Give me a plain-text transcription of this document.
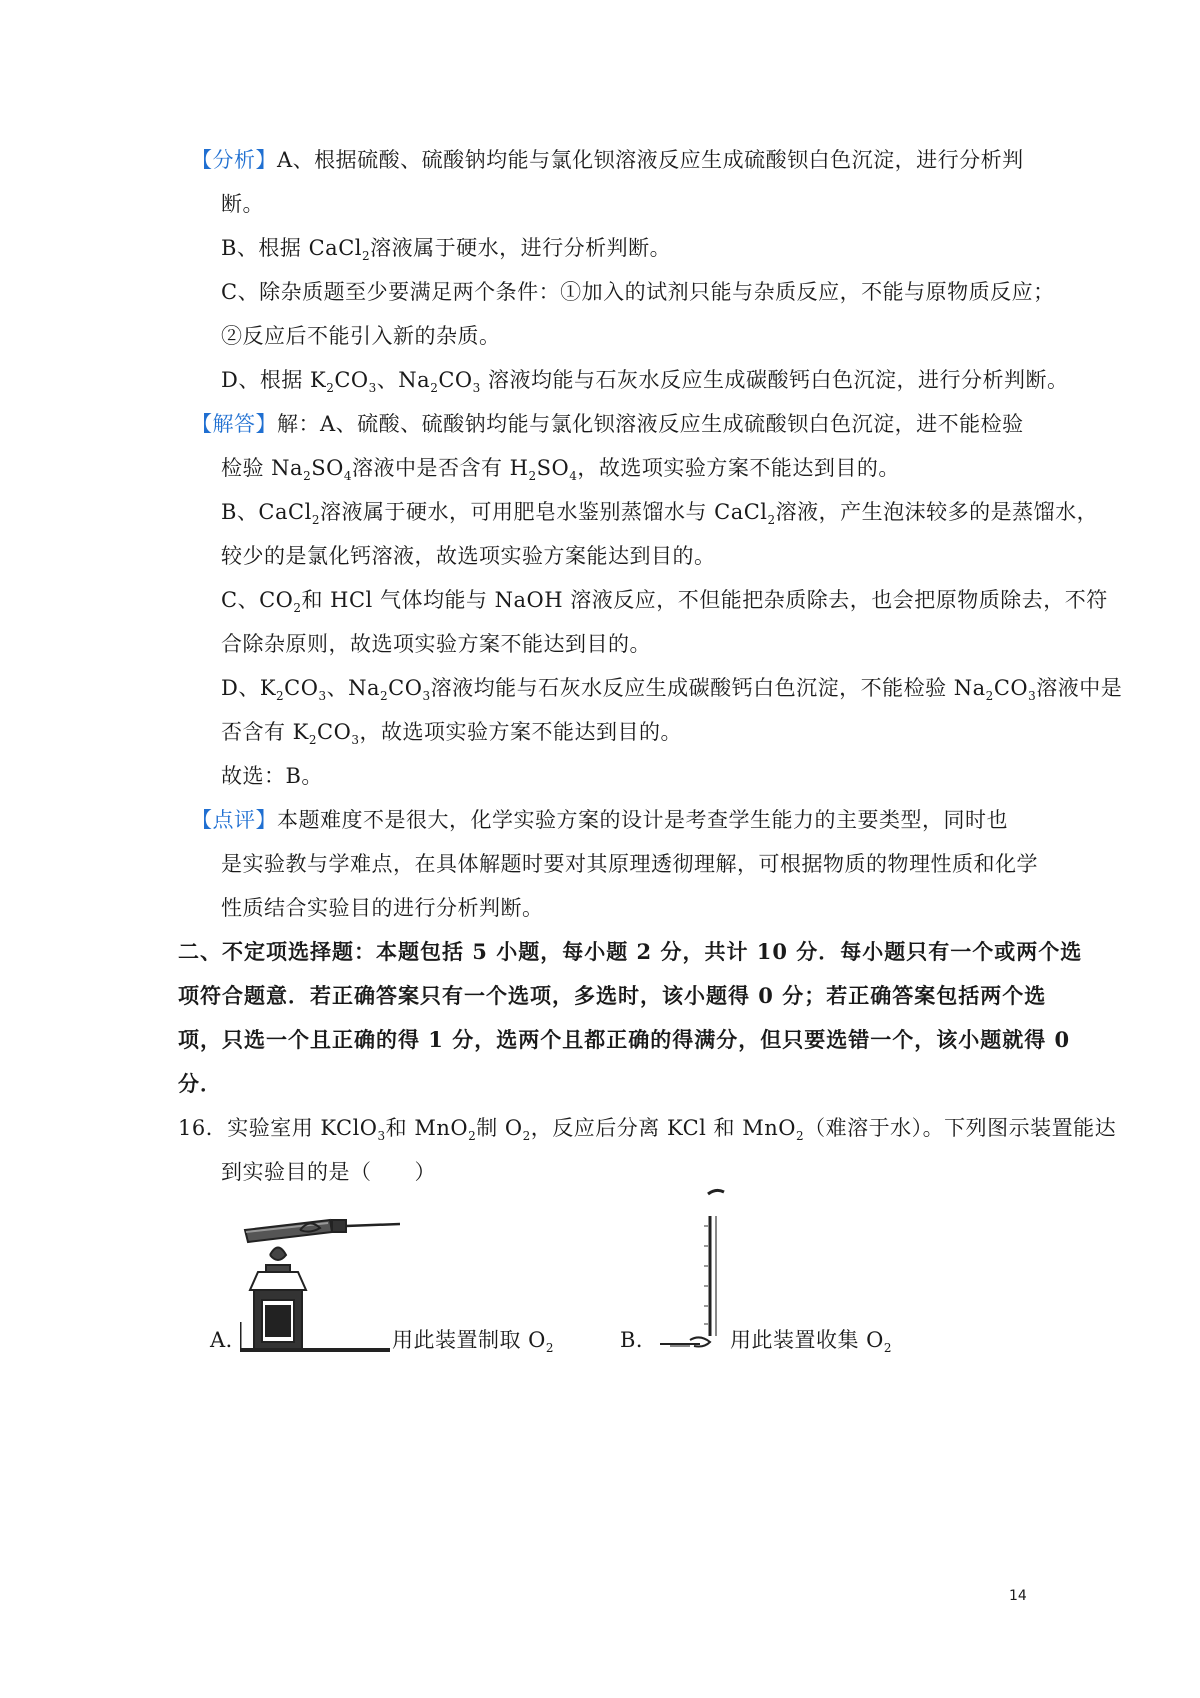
【分析】A、根据硫酸、硫酸钠均能与氯化钡溶液反应生成硫酸钡白色沉淀，进行分析判
断。
B、根据 CaCl$_2$溶液属于硬水，进行分析判断。
C、除杂质题至少要满足两个条件：①加入的试剂只能与杂质反应，不能与原物质反应；
②反应后不能引入新的杂质。
D、根据 $K_2CO_3$、$Na_2CO_3$ 溶液均能与石灰水反应生成碳酸钙白色沉淀，进行分析判断。
【解答】解：A、硫酸、硫酸钠均能与氯化钡溶液反应生成硫酸钡白色沉淀，进不能检验
检验 $Na_2SO_4$溶液中是否含有 $H_2SO_4$，故选项实验方案不能达到目的。
B、CaCl$_2$溶液属于硬水，可用肥皂水鉴别蒸馏水与 CaCl$_2$溶液，产生泡沫较多的是蒸馏水，
较少的是氯化钙溶液，故选项实验方案能达到目的。
C、$CO_2$和 HCl 气体均能与 NaOH 溶液反应，不但能把杂质除去，也会把原物质除去，不符
合除杂原则，故选项实验方案不能达到目的。
D、$K_2CO_3$、$Na_2CO_3$溶液均能与石灰水反应生成碳酸钙白色沉淀，不能检验 $Na_2CO_3$溶液中是
否含有 $K_2CO_3$，故选项实验方案不能达到目的。
故选：B。
【点评】本题难度不是很大，化学实验方案的设计是考查学生能力的主要类型，同时也
是实验教与学难点，在具体解题时要对其原理透彻理解，可根据物质的物理性质和化学
性质结合实验目的进行分析判断。
二、不定项选择题：本题包括 5 小题，每小题 2 分，共计 10 分．每小题只有一个或两个选
项符合题意．若正确答案只有一个选项，多选时，该小题得 0 分；若正确答案包括两个选
项，只选一个且正确的得 1 分，选两个且都正确的得满分，但只要选错一个，该小题就得 0
分．
16．实验室用 KClO$_3$和 MnO$_2$制 $O_2$，反应后分离 KCl 和 MnO$_2$（难溶于水）。下列图示装置能达
到实验目的是（　　）
A．	用此装置制取 $O_2$	B．	用此装置收集 $O_2$
14
